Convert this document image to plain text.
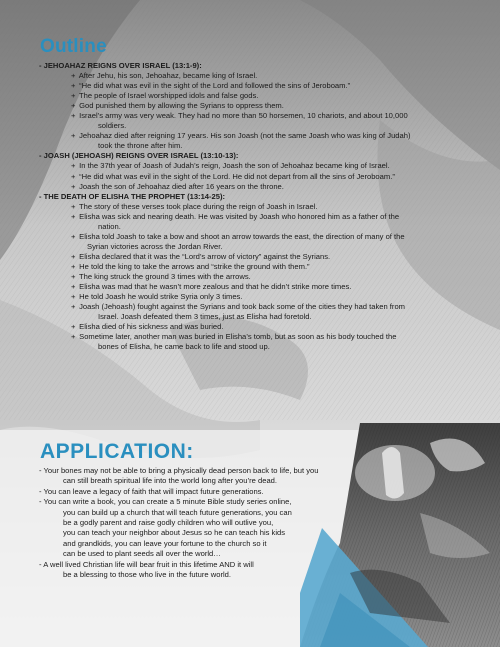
Outline

- JEHOAHAZ REIGNS OVER ISRAEL (13:1-9):

+ After Jehu, his son, Jehoahaz, became king of Israel.

+ “He did what was evil in the sight of the Lord and followed the sins of Jeroboam.”

+ The people of Israel worshipped idols and false gods.

+ God punished them by allowing the Syrians to oppress them.

+ Israel’s army was very weak. They had no more than 50 horsemen, 10 chariots, and about 10,000

soldiers.

+ Jehoahaz died after reigning 17 years. His son Joash (not the same Joash who was king of Judah)

took the throne after him.

- JOASH (JEHOASH) REIGNS OVER ISRAEL (13:10-13):

+ In the 37th year of Joash of Judah’s reign, Joash the son of Jehoahaz became king of Israel.

+ “He did what was evil in the sight of the Lord. He did not depart from all the sins of Jeroboam.”

+ Joash the son of Jehoahaz died after 16 years on the throne.

- THE DEATH OF ELISHA THE PROPHET (13:14-25):

+ The story of these verses took place during the reign of Joash in Israel.

+ Elisha was sick and nearing death. He was visited by Joash who honored him as a father of the

nation.

+ Elisha told Joash to take a bow and shoot an arrow towards the east, the direction of many of the

Syrian victories across the Jordan River.

+ Elisha declared that it was the “Lord’s arrow of victory” against the Syrians.

+ He told the king to take the arrows and “strike the ground with them.”

+ The king struck the ground 3 times with the arrows.

+ Elisha was mad that he wasn’t more zealous and that he didn’t strike more times.

+ He told Joash he would strike Syria only 3 times.

+ Joash (Jehoash) fought against the Syrians and took back some of the cities they had taken from

Israel. Joash defeated them 3 times, just as Elisha had foretold.

+ Elisha died of his sickness and was buried.

+ Sometime later, another man was buried in Elisha’s tomb, but as soon as his body touched the

bones of Elisha, he came back to life and stood up.

APPLICATION:

- Your bones may not be able to bring a physically dead person back to life, but you

can still breath spiritual life into the world long after you’re dead.

- You can leave a legacy of faith that will impact future generations.

- You can write a book, you can create a 5 minute Bible study series online,

you can build up a church that will teach future generations, you can

be a godly parent and raise godly children who will outlive you,

you can teach your neighbor about Jesus so he can teach his kids

and grandkids, you can leave your fortune to the church so it

can be used to plant seeds all over the world…

- A well lived Christian life will bear fruit in this lifetime AND it will

be a blessing to those who live in the future world.
